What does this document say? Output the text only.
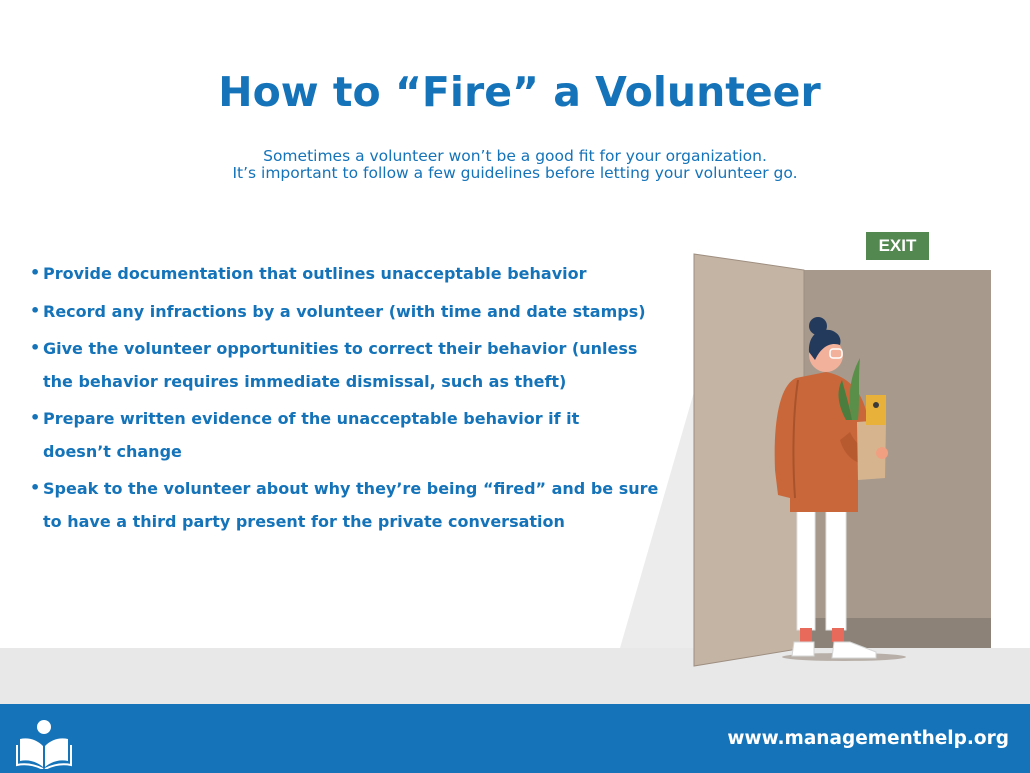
How to “Fire” a Volunteer
Sometimes a volunteer won’t be a good fit for your organization.
It’s important to follow a few guidelines before letting your volunteer go.
• Provide documentation that outlines unacceptable behavior
• Record any infractions by a volunteer (with time and date stamps)
• Give the volunteer opportunities to correct their behavior (unless
the behavior requires immediate dismissal, such as theft)
• Prepare written evidence of the unacceptable behavior if it
doesn’t change
• Speak to the volunteer about why they’re being “fired” and be sure
to have a third party present for the private conversation
EXIT
www.managementhelp.org
